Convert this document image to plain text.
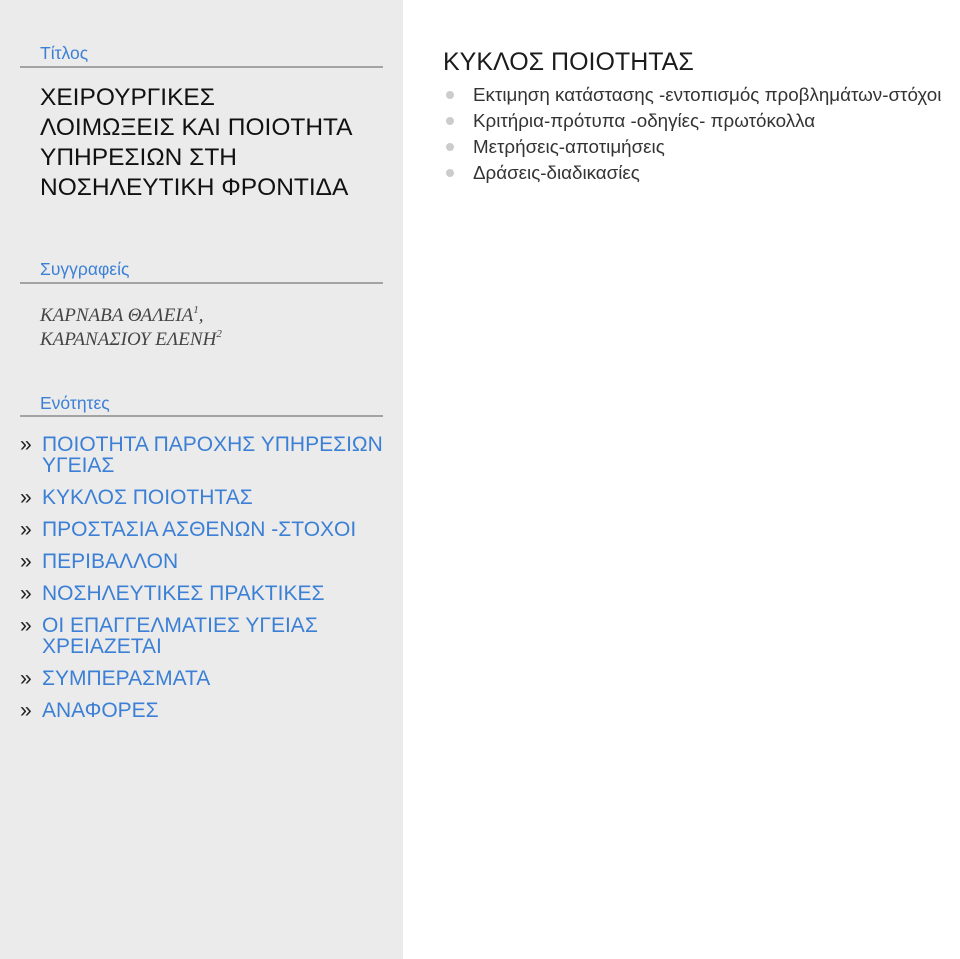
Τίτλος
ΧΕΙΡΟΥΡΓΙΚΕΣ
ΛΟΙΜΩΞΕΙΣ ΚΑΙ ΠΟΙΟΤΗΤΑ
ΥΠΗΡΕΣΙΩΝ ΣΤΗ
ΝΟΣΗΛΕΥΤΙΚΗ ΦΡΟΝΤΙΔΑ
Συγγραφείς
ΚΑΡΝΑΒΑ ΘΑΛΕΙΑ$^1$,
ΚΑΡΑΝΑΣΙΟΥ ΕΛΕΝΗ$^2$
Ενότητες
» ΠΟΙΟΤΗΤΑ ΠΑΡΟΧΗΣ ΥΠΗΡΕΣΙΩΝ ΥΓΕΙΑΣ
» ΚΥΚΛΟΣ ΠΟΙΟΤΗΤΑΣ
» ΠΡΟΣΤΑΣΙΑ ΑΣΘΕΝΩΝ -ΣΤΟΧΟΙ
» ΠΕΡΙΒΑΛΛΟΝ
» ΝΟΣΗΛΕΥΤΙΚΕΣ ΠΡΑΚΤΙΚΕΣ
» ΟΙ ΕΠΑΓΓΕΛΜΑΤΙΕΣ ΥΓΕΙΑΣ ΧΡΕΙΑΖΕΤΑΙ
» ΣΥΜΠΕΡΑΣΜΑΤΑ
» ΑΝΑΦΟΡΕΣ
ΚΥΚΛΟΣ ΠΟΙΟΤΗΤΑΣ
Εκτιμηση κατάστασης -εντοπισμός προβλημάτων-στόχοι
Κριτήρια-πρότυπα -οδηγίες- πρωτόκολλα
Μετρήσεις-αποτιμήσεις
Δράσεις-διαδικασίες
